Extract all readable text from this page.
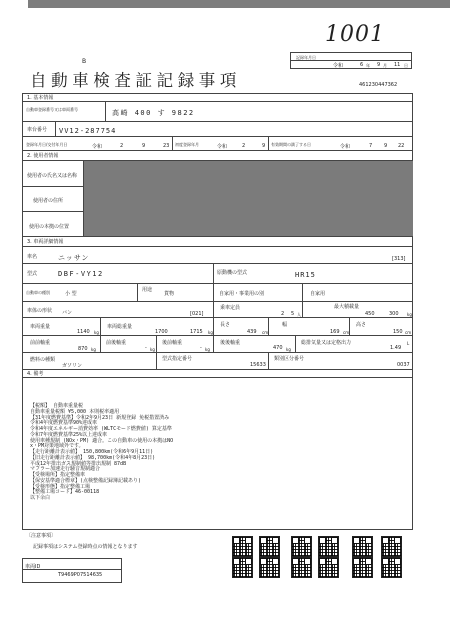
1001
記録年月日
令和	6 年 9 月 11 日
B
自動車検査証記録事項	461230447362
1. 基本情報
自動車登録番号又は車両番号	高崎 400 す 9822
車台番号 VV12-287754
登録年月日/交付年月日	令和	2	9	23 初度登録年月	令和	2	9 有効期間の満了する日	令和	7 9 22
2. 使用者情報
使用者の氏名又は名称
使用者の住所
使用の本拠の位置
3. 車両詳細情報
車名	ニッサン	[313]
型式	DBF-VY12	原動機の型式	HR15
自動車の種別	小 型
用途
貨物	自家用・事業用の別	自家用
車体の形状 バン	[021]
乗車定員
2 5 人
最大積載量
450	300 kg
車両重量
1140 kg
車両総重量
1700	1715 kg
長さ
439 cm
幅
169 cm
高さ
150 cm
前前軸重
870 kg
前後軸重
- kg
後前軸重
- kg
後後軸重
470 kg
総排気量又は定格出力
1.49
L
燃料の種類
ガソリン
型式指定番号
15633
類別区分番号
0037
4. 備考
【税額】 自動車重量税
自動車重量税額 ¥5,000 本則税率適用
【31年度燃費基準】令和2年9月23日 新規登録 免税措置済み
令和4年度燃費基準90%達成車
令和4年度エネルギー消費効率 (WLTCモード燃費値) 算定基準
令和7年度燃費基準25%以上達成車
使用車種規制 (NOx・PM) 適合。この自動車の使用の本拠はNO
x・PM対策地域外です。
【走行距離計表示値】 150,800km(令和6年9月11日)
【旧走行距離計表示値】 98,700km(令和4年8月23日)
平成12年排出ガス規制値等排出規制 87dB
マフラー加速走行騒音規制適合
【受検場所】指定整備車
【保安基準適合標章】(点検整備記録簿記載あり)
【受検形態】指定整備工場
【整備工場コード】46-00118
以下余白
〔注意事項〕
記録事項はシステム登録時点の情報となります
車両ID
T9469P07514635
